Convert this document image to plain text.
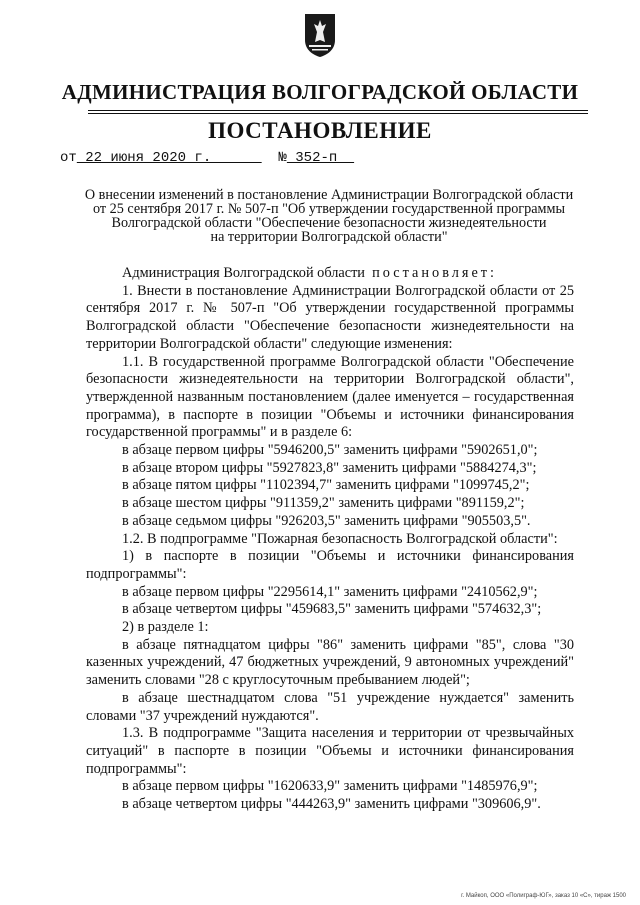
АДМИНИСТРАЦИЯ ВОЛГОГРАДСКОЙ ОБЛАСТИ
ПОСТАНОВЛЕНИЕ
от 22 июня 2020 г.        № 352-п

О внесении изменений в постановление Администрации Волгоградской области
от 25 сентября 2017 г. № 507-п "Об утверждении государственной программы
Волгоградской области "Обеспечение безопасности жизнедеятельности
на территории Волгоградской области"

Администрация Волгоградской области постановляет:

1. Внести в постановление Администрации Волгоградской области от 25 сентября 2017 г. № 507-п "Об утверждении государственной программы Волгоградской области "Обеспечение безопасности жизнедеятельности на территории Волгоградской области" следующие изменения:

1.1. В государственной программе Волгоградской области "Обеспечение безопасности жизнедеятельности на территории Волгоградской области", утвержденной названным постановлением (далее именуется – государственная программа), в паспорте в позиции "Объемы и источники финансирования государственной программы" и в разделе 6:

в абзаце первом цифры "5946200,5" заменить цифрами "5902651,0";

в абзаце втором цифры "5927823,8" заменить цифрами "5884274,3";

в абзаце пятом цифры "1102394,7" заменить цифрами "1099745,2";

в абзаце шестом цифры "911359,2" заменить цифрами "891159,2";

в абзаце седьмом цифры "926203,5" заменить цифрами "905503,5".

1.2. В подпрограмме "Пожарная безопасность Волгоградской области":

1) в паспорте в позиции "Объемы и источники финансирования подпрограммы":

в абзаце первом цифры "2295614,1" заменить цифрами "2410562,9";

в абзаце четвертом цифры "459683,5" заменить цифрами "574632,3";

2) в разделе 1:

в абзаце пятнадцатом цифры "86" заменить цифрами "85", слова "30 казенных учреждений, 47 бюджетных учреждений, 9 автономных учреждений" заменить словами "28 с круглосуточным пребыванием людей";

в абзаце шестнадцатом слова "51 учреждение нуждается" заменить словами "37 учреждений нуждаются".

1.3. В подпрограмме "Защита населения и территории от чрезвычайных ситуаций" в паспорте в позиции "Объемы и источники финансирования подпрограммы":

в абзаце первом цифры "1620633,9" заменить цифрами "1485976,9";

в абзаце четвертом цифры "444263,9" заменить цифрами "309606,9".

г. Майкоп, ООО «Полиграф-ЮГ», заказ 10 «С», тираж 1500
